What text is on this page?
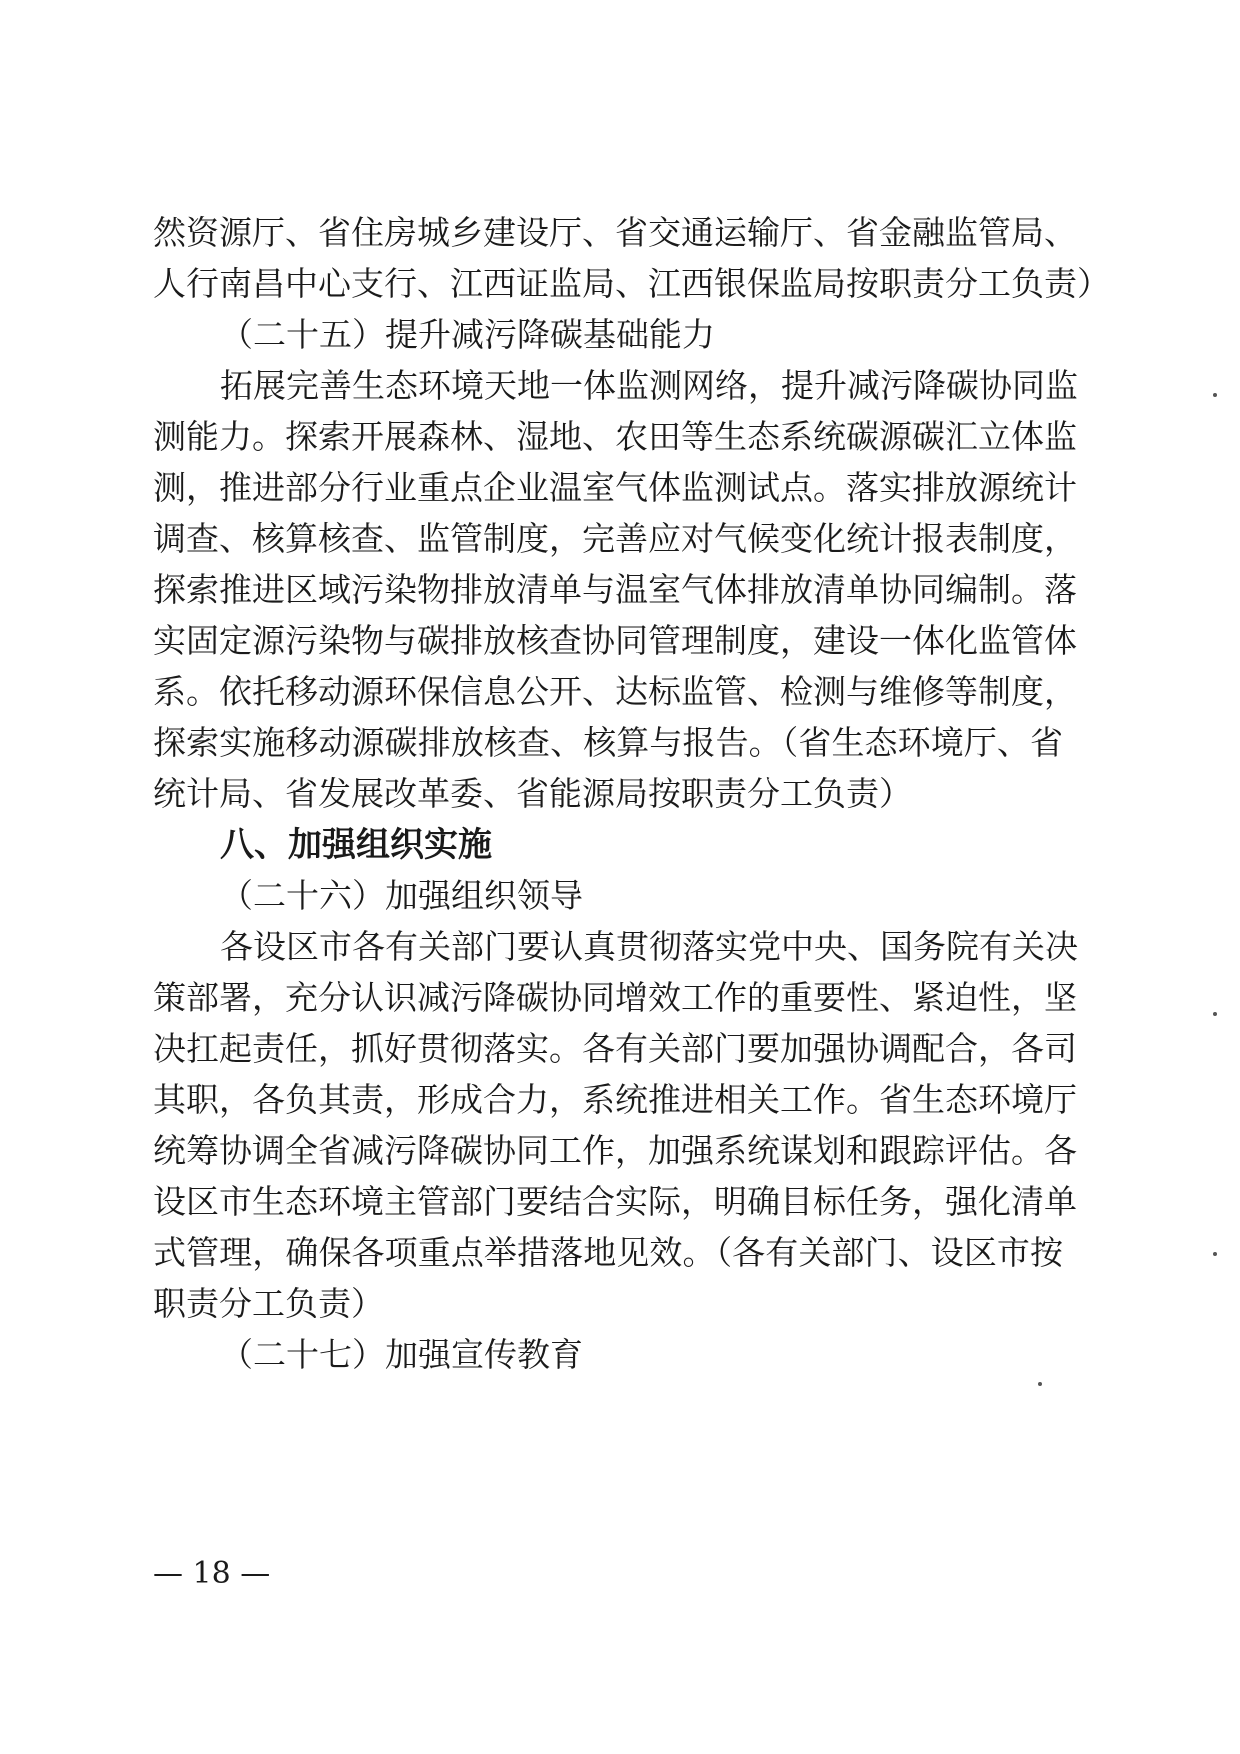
然资源厅、省住房城乡建设厅、省交通运输厅、省金融监管局、
人行南昌中心支行、江西证监局、江西银保监局按职责分工负责）
（二十五）提升减污降碳基础能力
拓展完善生态环境天地一体监测网络，提升减污降碳协同监
测能力。探索开展森林、湿地、农田等生态系统碳源碳汇立体监
测，推进部分行业重点企业温室气体监测试点。落实排放源统计
调查、核算核查、监管制度，完善应对气候变化统计报表制度，
探索推进区域污染物排放清单与温室气体排放清单协同编制。落
实固定源污染物与碳排放核查协同管理制度，建设一体化监管体
系。依托移动源环保信息公开、达标监管、检测与维修等制度，
探索实施移动源碳排放核查、核算与报告。（省生态环境厅、省
统计局、省发展改革委、省能源局按职责分工负责）
八、加强组织实施
（二十六）加强组织领导
各设区市各有关部门要认真贯彻落实党中央、国务院有关决
策部署，充分认识减污降碳协同增效工作的重要性、紧迫性，坚
决扛起责任，抓好贯彻落实。各有关部门要加强协调配合，各司
其职，各负其责，形成合力，系统推进相关工作。省生态环境厅
统筹协调全省减污降碳协同工作，加强系统谋划和跟踪评估。各
设区市生态环境主管部门要结合实际，明确目标任务，强化清单
式管理，确保各项重点举措落地见效。（各有关部门、设区市按
职责分工负责）
（二十七）加强宣传教育
— 18 —
